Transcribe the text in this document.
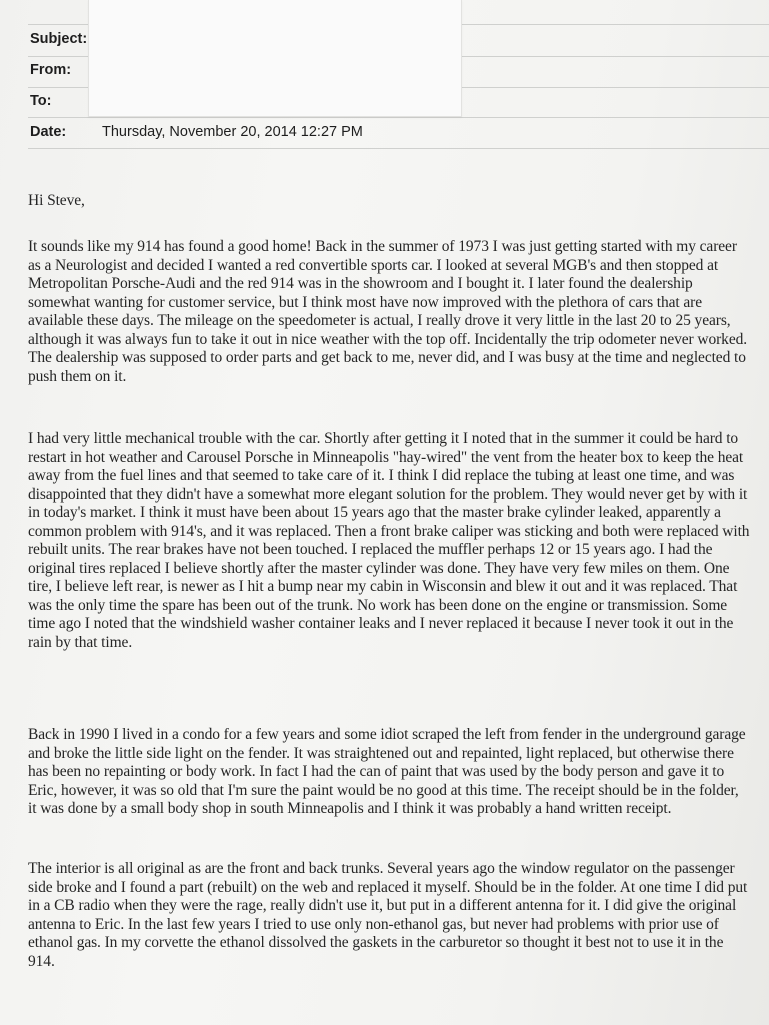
Subject:
From:
To:
Date: Thursday, November 20, 2014 12:27 PM
Hi Steve,

It sounds like my 914 has found a good home! Back in the summer of 1973 I was just getting started with my career as a Neurologist and decided I wanted a red convertible sports car. I looked at several MGB's and then stopped at Metropolitan Porsche-Audi and the red 914 was in the showroom and I bought it. I later found the dealership somewhat wanting for customer service, but I think most have now improved with the plethora of cars that are available these days. The mileage on the speedometer is actual, I really drove it very little in the last 20 to 25 years, although it was always fun to take it out in nice weather with the top off. Incidentally the trip odometer never worked. The dealership was supposed to order parts and get back to me, never did, and I was busy at the time and neglected to push them on it.

I had very little mechanical trouble with the car. Shortly after getting it I noted that in the summer it could be hard to restart in hot weather and Carousel Porsche in Minneapolis "hay-wired" the vent from the heater box to keep the heat away from the fuel lines and that seemed to take care of it. I think I did replace the tubing at least one time, and was disappointed that they didn't have a somewhat more elegant solution for the problem. They would never get by with it in today's market. I think it must have been about 15 years ago that the master brake cylinder leaked, apparently a common problem with 914's, and it was replaced. Then a front brake caliper was sticking and both were replaced with rebuilt units. The rear brakes have not been touched. I replaced the muffler perhaps 12 or 15 years ago. I had the original tires replaced I believe shortly after the master cylinder was done. They have very few miles on them. One tire, I believe left rear, is newer as I hit a bump near my cabin in Wisconsin and blew it out and it was replaced. That was the only time the spare has been out of the trunk. No work has been done on the engine or transmission. Some time ago I noted that the windshield washer container leaks and I never replaced it because I never took it out in the rain by that time.

Back in 1990 I lived in a condo for a few years and some idiot scraped the left from fender in the underground garage and broke the little side light on the fender. It was straightened out and repainted, light replaced, but otherwise there has been no repainting or body work. In fact I had the can of paint that was used by the body person and gave it to Eric, however, it was so old that I'm sure the paint would be no good at this time. The receipt should be in the folder, it was done by a small body shop in south Minneapolis and I think it was probably a hand written receipt.

The interior is all original as are the front and back trunks. Several years ago the window regulator on the passenger side broke and I found a part (rebuilt) on the web and replaced it myself. Should be in the folder. At one time I did put in a CB radio when they were the rage, really didn't use it, but put in a different antenna for it. I did give the original antenna to Eric. In the last few years I tried to use only non-ethanol gas, but never had problems with prior use of ethanol gas. In my corvette the ethanol dissolved the gaskets in the carburetor so thought it best not to use it in the 914.
